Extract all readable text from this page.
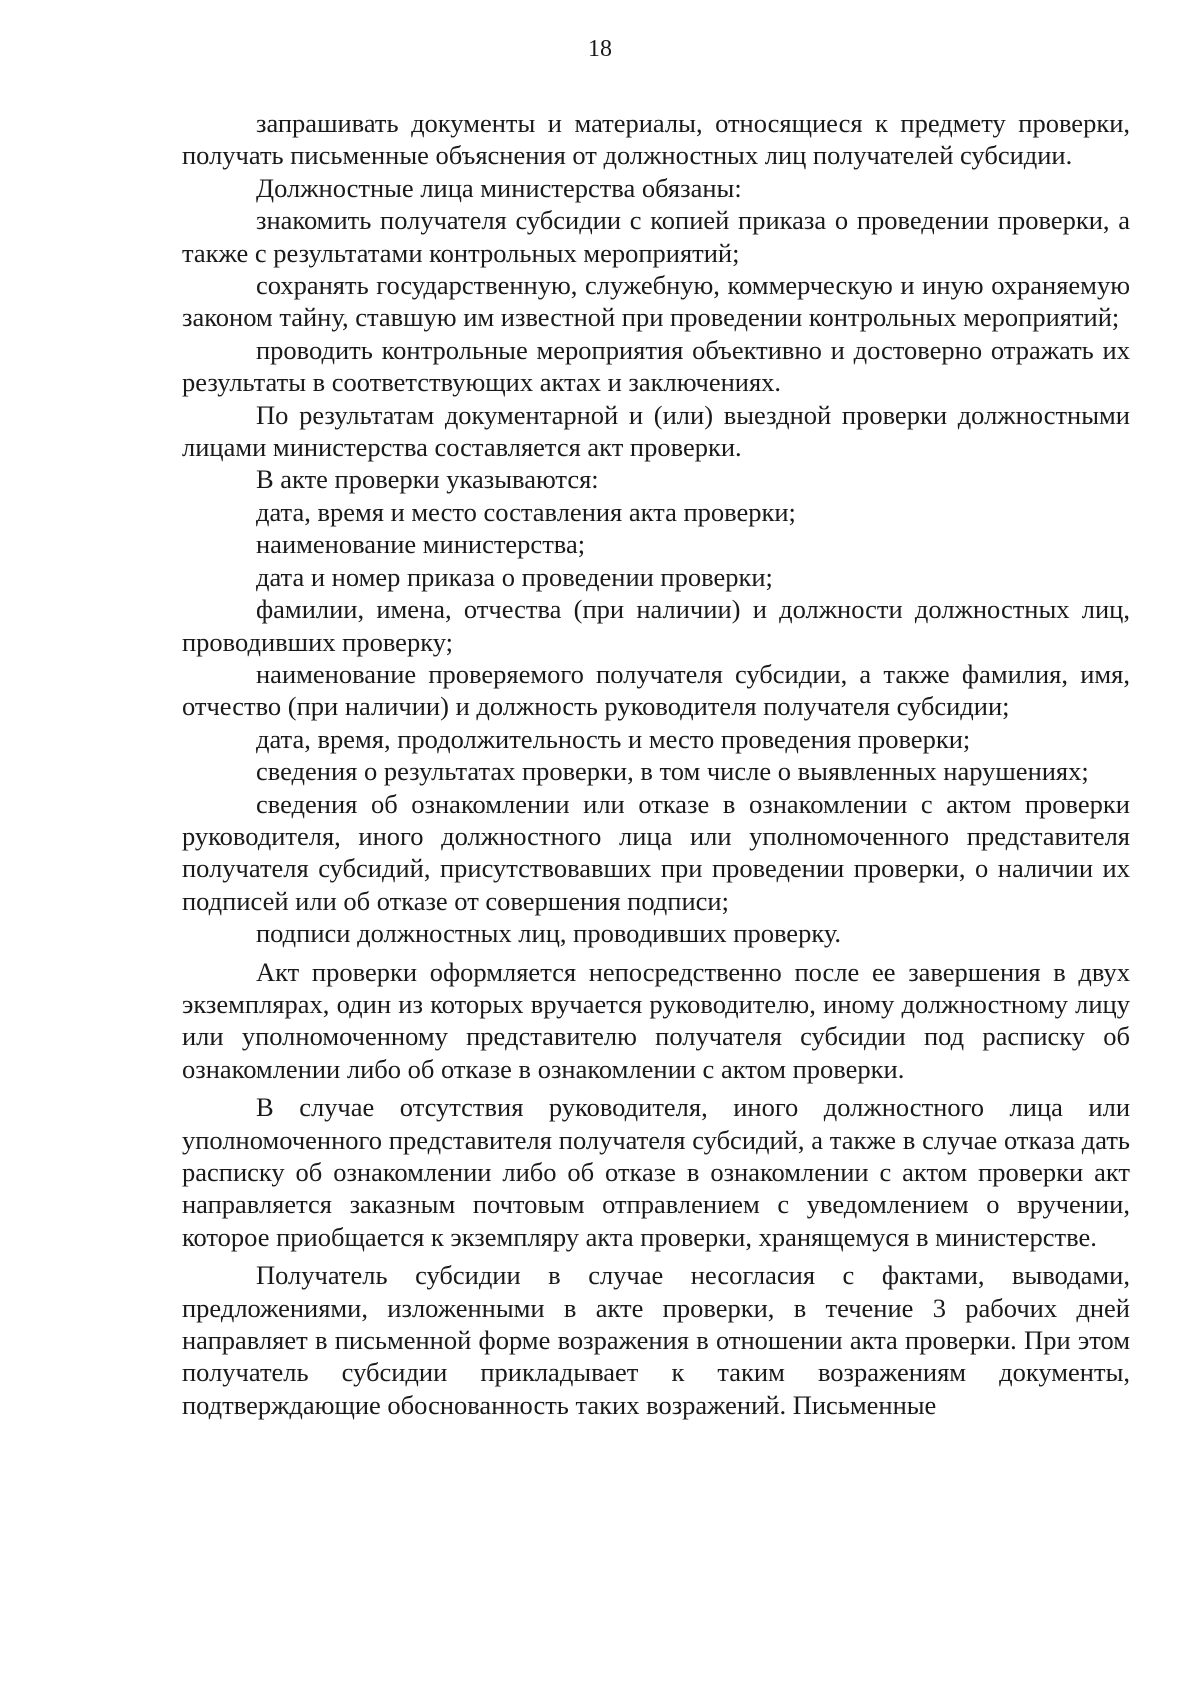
18

запрашивать документы и материалы, относящиеся к предмету проверки, получать письменные объяснения от должностных лиц получателей субсидии.

Должностные лица министерства обязаны:

знакомить получателя субсидии с копией приказа о проведении проверки, а также с результатами контрольных мероприятий;

сохранять государственную, служебную, коммерческую и иную охраняемую законом тайну, ставшую им известной при проведении контрольных мероприятий;

проводить контрольные мероприятия объективно и достоверно отражать их результаты в соответствующих актах и заключениях.

По результатам документарной и (или) выездной проверки должностными лицами министерства составляется акт проверки.

В акте проверки указываются:

дата, время и место составления акта проверки;

наименование министерства;

дата и номер приказа о проведении проверки;

фамилии, имена, отчества (при наличии) и должности должностных лиц, проводивших проверку;

наименование проверяемого получателя субсидии, а также фамилия, имя, отчество (при наличии) и должность руководителя получателя субсидии;

дата, время, продолжительность и место проведения проверки;

сведения о результатах проверки, в том числе о выявленных нарушениях;

сведения об ознакомлении или отказе в ознакомлении с актом проверки руководителя, иного должностного лица или уполномоченного представителя получателя субсидий, присутствовавших при проведении проверки, о наличии их подписей или об отказе от совершения подписи;

подписи должностных лиц, проводивших проверку.

Акт проверки оформляется непосредственно после ее завершения в двух экземплярах, один из которых вручается руководителю, иному должностному лицу или уполномоченному представителю получателя субсидии под расписку об ознакомлении либо об отказе в ознакомлении с актом проверки.

В случае отсутствия руководителя, иного должностного лица или уполномоченного представителя получателя субсидий, а также в случае отказа дать расписку об ознакомлении либо об отказе в ознакомлении с актом проверки акт направляется заказным почтовым отправлением с уведомлением о вручении, которое приобщается к экземпляру акта проверки, хранящемуся в министерстве.

Получатель субсидии в случае несогласия с фактами, выводами, предложениями, изложенными в акте проверки, в течение 3 рабочих дней направляет в письменной форме возражения в отношении акта проверки. При этом получатель субсидии прикладывает к таким возражениям документы, подтверждающие обоснованность таких возражений. Письменные
